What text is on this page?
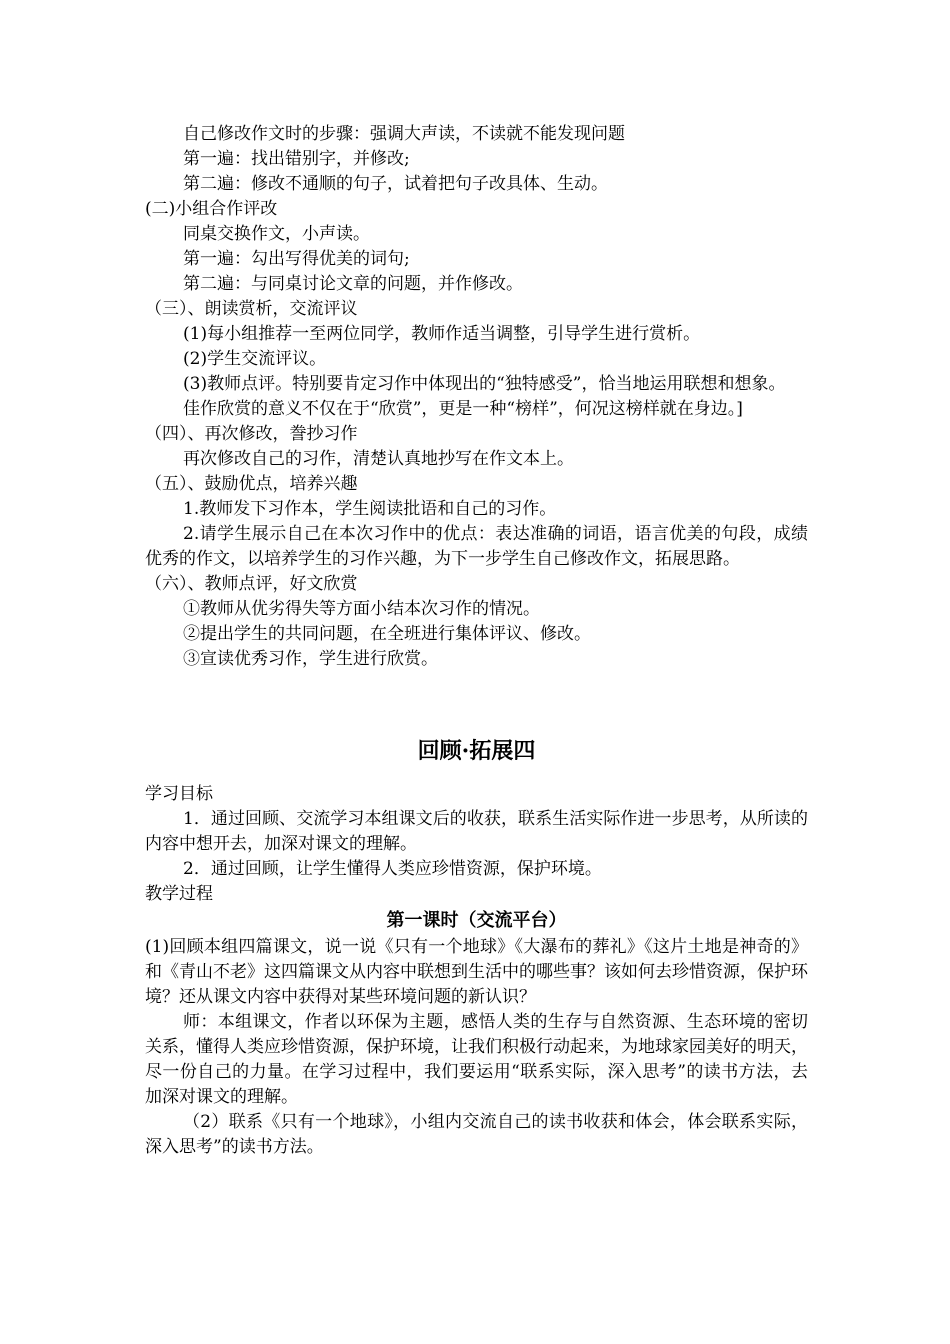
自己修改作文时的步骤：强调大声读，不读就不能发现问题

第一遍：找出错别字，并修改;

第二遍：修改不通顺的句子，试着把句子改具体、生动。

(二)小组合作评改

同桌交换作文，小声读。

第一遍：勾出写得优美的词句;

第二遍：与同桌讨论文章的问题，并作修改。

（三）、朗读赏析，交流评议

(1)每小组推荐一至两位同学，教师作适当调整，引导学生进行赏析。

(2)学生交流评议。

(3)教师点评。特别要肯定习作中体现出的“独特感受”，恰当地运用联想和想象。

佳作欣赏的意义不仅在于“欣赏”，更是一种“榜样”，何况这榜样就在身边。]

（四）、再次修改，誊抄习作

再次修改自己的习作，清楚认真地抄写在作文本上。

（五）、鼓励优点，培养兴趣

1.教师发下习作本，学生阅读批语和自己的习作。

2.请学生展示自己在本次习作中的优点：表达准确的词语，语言优美的句段，成绩优秀的作文，以培养学生的习作兴趣，为下一步学生自己修改作文，拓展思路。

（六）、教师点评，好文欣赏

①教师从优劣得失等方面小结本次习作的情况。

②提出学生的共同问题，在全班进行集体评议、修改。

③宣读优秀习作，学生进行欣赏。

回顾·拓展四

学习目标

1．通过回顾、交流学习本组课文后的收获，联系生活实际作进一步思考，从所读的内容中想开去，加深对课文的理解。

2．通过回顾，让学生懂得人类应珍惜资源，保护环境。

教学过程

第一课时（交流平台）

(1)回顾本组四篇课文，说一说《只有一个地球》《大瀑布的葬礼》《这片土地是神奇的》和《青山不老》这四篇课文从内容中联想到生活中的哪些事？该如何去珍惜资源，保护环境？还从课文内容中获得对某些环境问题的新认识？

师：本组课文，作者以环保为主题，感悟人类的生存与自然资源、生态环境的密切关系，懂得人类应珍惜资源，保护环境，让我们积极行动起来，为地球家园美好的明天，尽一份自己的力量。在学习过程中，我们要运用“联系实际，深入思考”的读书方法，去加深对课文的理解。

（2）联系《只有一个地球》，小组内交流自己的读书收获和体会，体会联系实际，深入思考”的读书方法。
